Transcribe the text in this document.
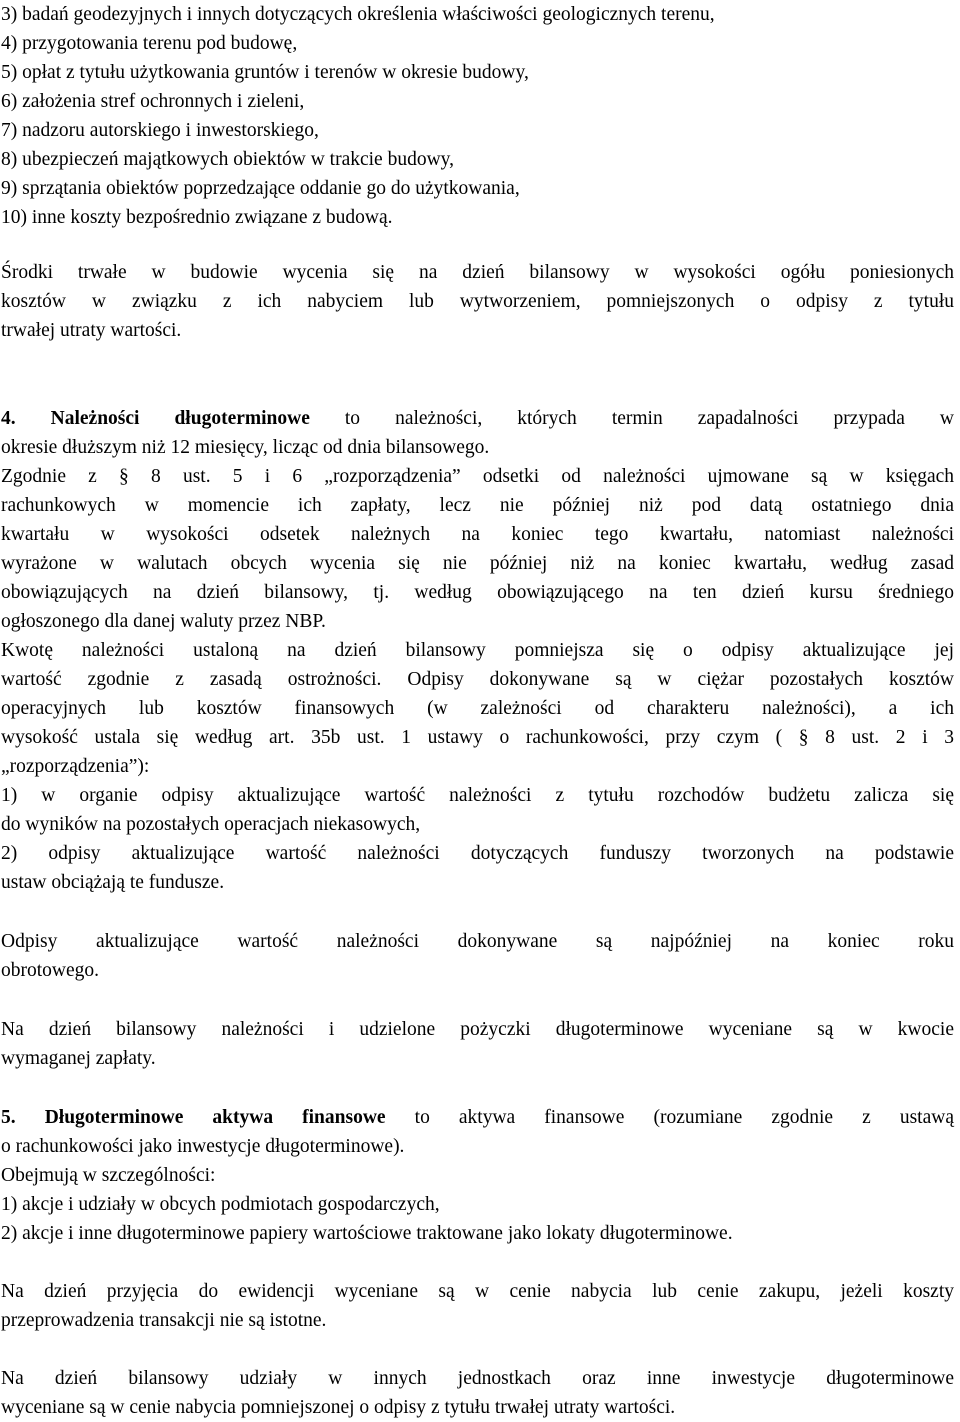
3) badań geodezyjnych i innych dotyczących określenia właściwości geologicznych terenu,
4) przygotowania terenu pod budowę,
5) opłat z tytułu użytkowania gruntów i terenów w okresie budowy,
6) założenia stref ochronnych i zieleni,
7) nadzoru autorskiego i inwestorskiego,
8) ubezpieczeń majątkowych obiektów w trakcie budowy,
9) sprzątania obiektów poprzedzające oddanie go do użytkowania,
10) inne koszty bezpośrednio związane z budową.
Środki trwałe w budowie wycenia się na dzień bilansowy w wysokości ogółu poniesionych
kosztów w związku z ich nabyciem lub wytworzeniem, pomniejszonych o odpisy z tytułu
trwałej utraty wartości.
4. Należności długoterminowe to należności, których termin zapadalności przypada w
okresie dłuższym niż 12 miesięcy, licząc od dnia bilansowego.
Zgodnie z § 8 ust. 5 i 6 „rozporządzenia” odsetki od należności ujmowane są w księgach
rachunkowych w momencie ich zapłaty, lecz nie później niż pod datą ostatniego dnia
kwartału w wysokości odsetek należnych na koniec tego kwartału, natomiast należności
wyrażone w walutach obcych wycenia się nie później niż na koniec kwartału, według zasad
obowiązujących na dzień bilansowy, tj. według obowiązującego na ten dzień kursu średniego
ogłoszonego dla danej waluty przez NBP.
Kwotę należności ustaloną na dzień bilansowy pomniejsza się o odpisy aktualizujące jej
wartość zgodnie z zasadą ostrożności. Odpisy dokonywane są w ciężar pozostałych kosztów
operacyjnych lub kosztów finansowych (w zależności od charakteru należności), a ich
wysokość ustala się według art. 35b ust. 1 ustawy o rachunkowości, przy czym ( § 8 ust. 2 i 3
„rozporządzenia”):
1) w organie odpisy aktualizujące wartość należności z tytułu rozchodów budżetu zalicza się
do wyników na pozostałych operacjach niekasowych,
2) odpisy aktualizujące wartość należności dotyczących funduszy tworzonych na podstawie
ustaw obciążają te fundusze.
Odpisy aktualizujące wartość należności dokonywane są najpóźniej na koniec roku
obrotowego.
Na dzień bilansowy należności i udzielone pożyczki długoterminowe wyceniane są w kwocie
wymaganej zapłaty.
5. Długoterminowe aktywa finansowe to aktywa finansowe (rozumiane zgodnie z ustawą
o rachunkowości jako inwestycje długoterminowe).
Obejmują w szczególności:
1) akcje i udziały w obcych podmiotach gospodarczych,
2) akcje i inne długoterminowe papiery wartościowe traktowane jako lokaty długoterminowe.
Na dzień przyjęcia do ewidencji wyceniane są w cenie nabycia lub cenie zakupu, jeżeli koszty
przeprowadzenia transakcji nie są istotne.
Na dzień bilansowy udziały w innych jednostkach oraz inne inwestycje długoterminowe
wyceniane są w cenie nabycia pomniejszonej o odpisy z tytułu trwałej utraty wartości.
